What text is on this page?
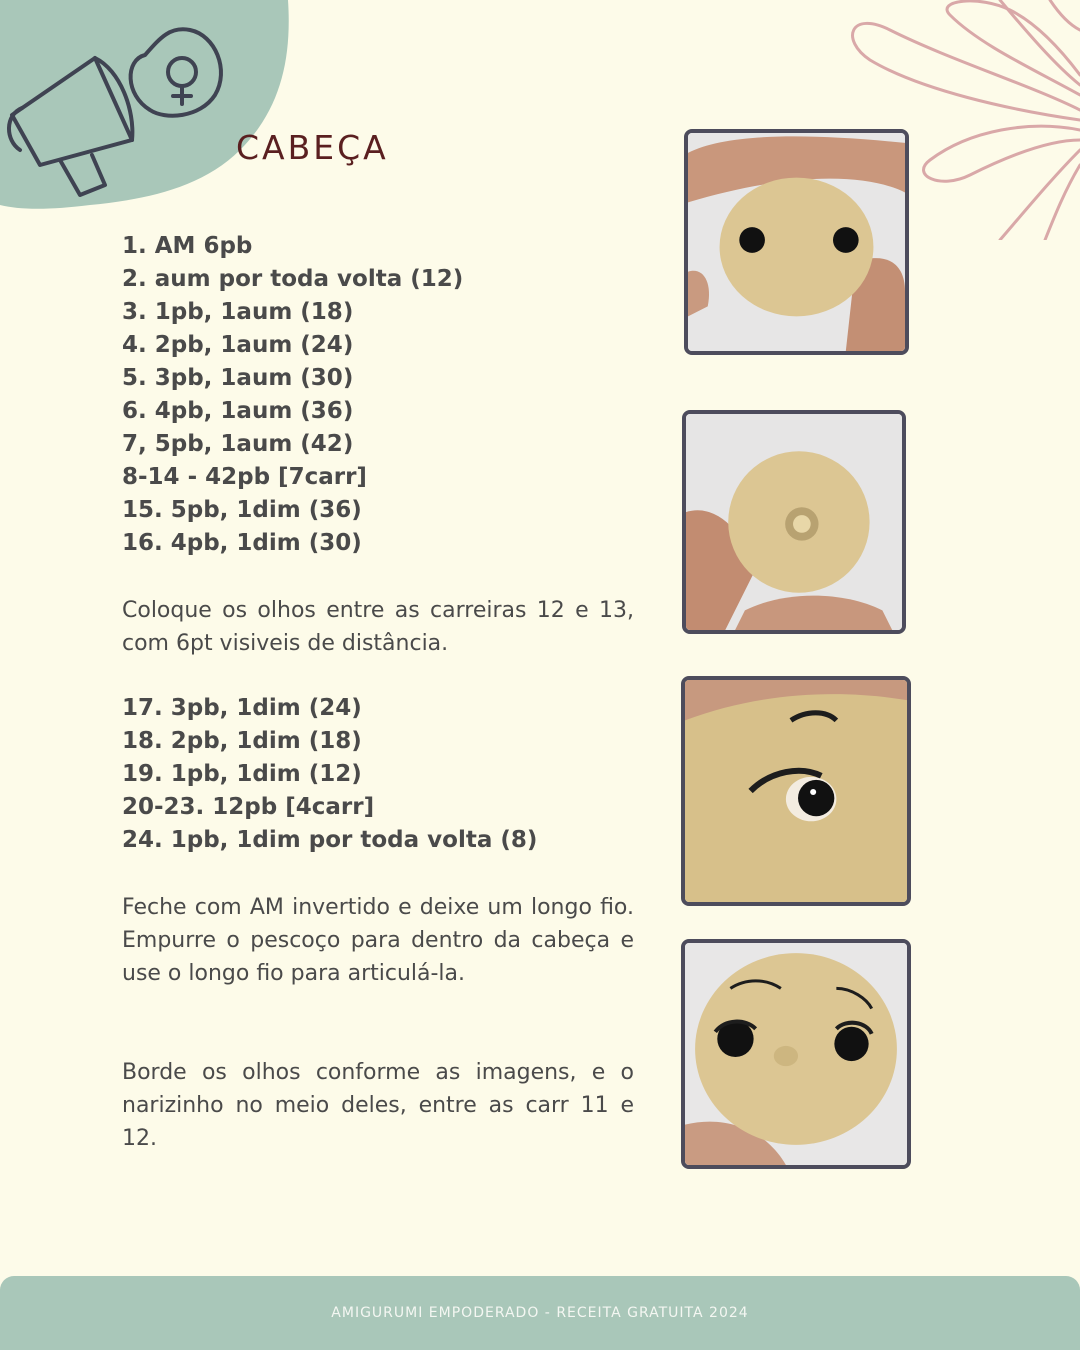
CABEÇA
1. AM 6pb
2. aum por toda volta (12)
3. 1pb, 1aum (18)
4. 2pb, 1aum (24)
5. 3pb, 1aum (30)
6. 4pb, 1aum (36)
7, 5pb, 1aum (42)
8-14 - 42pb [7carr]
15. 5pb, 1dim (36)
16. 4pb, 1dim (30)

Coloque os olhos entre as carreiras 12 e 13, com 6pt visiveis de distância.

17. 3pb, 1dim (24)
18. 2pb, 1dim (18)
19. 1pb, 1dim (12)
20-23. 12pb [4carr]
24. 1pb, 1dim por toda volta (8)

Feche com AM invertido e deixe um longo fio. Empurre o pescoço para dentro da cabeça e use o longo fio para articulá-la.

Borde os olhos conforme as imagens, e o narizinho no meio deles, entre as carr 11 e 12.

AMIGURUMI EMPODERADO - RECEITA GRATUITA 2024
